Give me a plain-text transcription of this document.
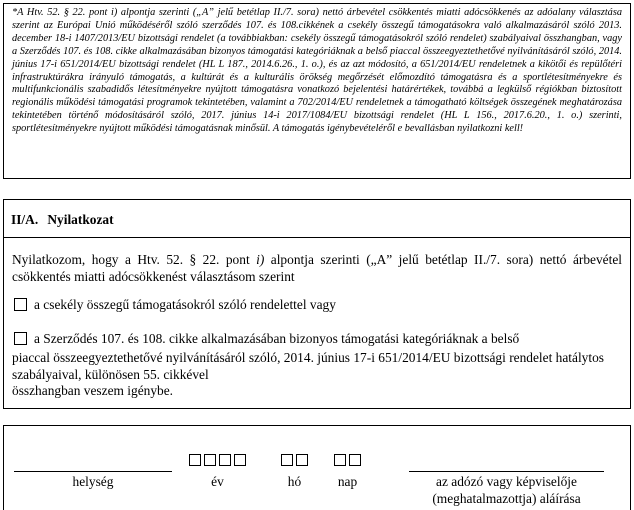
*A Htv. 52. § 22. pont i) alpontja szerinti („A” jelű betétlap II./7. sora) nettó árbevétel csökkentés miatti adócsökkenés az adóalany választása szerint az Európai Unió működéséről szóló szerződés 107. és 108.cikkének a csekély összegű támogatásokra való alkalmazásáról szóló 2013. december 18-i 1407/2013/EU bizottsági rendelet (a továbbiakban: csekély összegű támogatásokról szóló rendelet) szabályaival összhangban, vagy a Szerződés 107. és 108. cikke alkalmazásában bizonyos támogatási kategóriáknak a belső piaccal összeegyeztethetővé nyilvánításáról szóló, 2014. június 17-i 651/2014/EU bizottsági rendelet (HL L 187., 2014.6.26., 1. o.), és az azt módosító, a 651/2014/EU rendeletnek a kikötői és repülőtéri infrastruktúrákra irányuló támogatás, a kultúrát és a kulturális örökség megőrzését előmozdító támogatásra és a sportlétesítményekre és multifunkcionális szabadidős létesítményekre nyújtott támogatásra vonatkozó bejelentési határértékek, továbbá a legkülső régiókban biztosított regionális működési támogatási programok tekintetében, valamint a 702/2014/EU rendeletnek a támogatható költségek összegének meghatározása tekintetében történő módosításáról szóló, 2017. június 14-i 2017/1084/EU bizottsági rendelet (HL L 156., 2017.6.20., 1. o.) szerinti, sportlétesítményekre nyújtott működési támogatásnak minősül. A támogatás igénybevételéről e bevallásban nyilatkozni kell!

II/A. Nyilatkozat

Nyilatkozom, hogy a Htv. 52. § 22. pont i) alpontja szerinti („A” jelű betétlap II./7. sora) nettó árbevétel csökkentés miatti adócsökkenést választásom szerint

a csekély összegű támogatásokról szóló rendelettel vagy
a Szerződés 107. és 108. cikke alkalmazásában bizonyos támogatási kategóriáknak a belső

piaccal összeegyeztethetővé nyilvánításáról szóló, 2014. június 17-i 651/2014/EU bizottsági rendelet hatálytos szabályaival, különösen 55. cikkével

összhangban veszem igénybe.

helység	év	hó	nap	az adózó vagy képviselője (meghatalmazottja) aláírása
